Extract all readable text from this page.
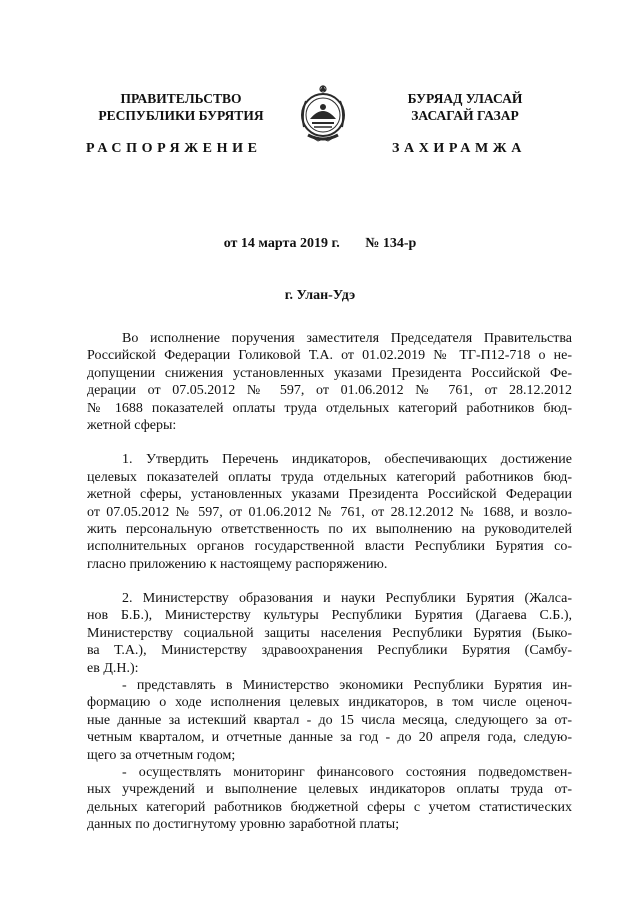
ПРАВИТЕЛЬСТВО
РЕСПУБЛИКИ БУРЯТИЯ
БУРЯАД УЛАСАЙ
ЗАСАГАЙ ГАЗАР
РАСПОРЯЖЕНИЕ	ЗАХИРАМЖА
от 14 марта 2019 г. № 134-р
г. Улан-Удэ
Во исполнение поручения заместителя Председателя Правительства
Российской Федерации Голиковой Т.А. от 01.02.2019 № ТГ-П12-718 о не-
допущении снижения установленных указами Президента Российской Фе-
дерации от 07.05.2012 № 597, от 01.06.2012 № 761, от 28.12.2012
№ 1688 показателей оплаты труда отдельных категорий работников бюд-
жетной сферы:
1. Утвердить Перечень индикаторов, обеспечивающих достижение
целевых показателей оплаты труда отдельных категорий работников бюд-
жетной сферы, установленных указами Президента Российской Федерации
от 07.05.2012 № 597, от 01.06.2012 № 761, от 28.12.2012 № 1688, и возло-
жить персональную ответственность по их выполнению на руководителей
исполнительных органов государственной власти Республики Бурятия со-
гласно приложению к настоящему распоряжению.
2. Министерству образования и науки Республики Бурятия (Жалса-
нов Б.Б.), Министерству культуры Республики Бурятия (Дагаева С.Б.),
Министерству социальной защиты населения Республики Бурятия (Быко-
ва Т.А.), Министерству здравоохранения Республики Бурятия (Самбу-
ев Д.Н.):
- представлять в Министерство экономики Республики Бурятия ин-
формацию о ходе исполнения целевых индикаторов, в том числе оценоч-
ные данные за истекший квартал - до 15 числа месяца, следующего за от-
четным кварталом, и отчетные данные за год - до 20 апреля года, следую-
щего за отчетным годом;
- осуществлять мониторинг финансового состояния подведомствен-
ных учреждений и выполнение целевых индикаторов оплаты труда от-
дельных категорий работников бюджетной сферы с учетом статистических
данных по достигнутому уровню заработной платы;
